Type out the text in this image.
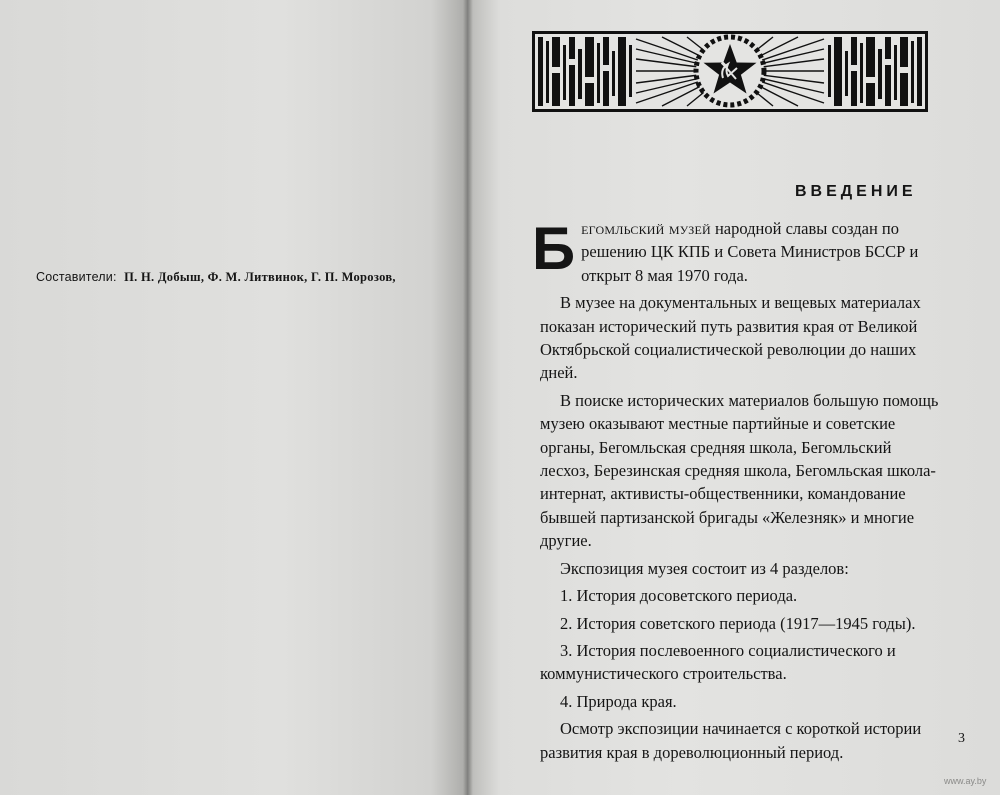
Составители: П. Н. Добыш, Ф. М. Литвинок, Г. П. Морозов,
ВВЕДЕНИЕ

Бегомльский музей народной славы создан по решению ЦК КПБ и Совета Министров БССР и открыт 8 мая 1970 года.

В музее на документальных и вещевых материалах показан исторический путь развития края от Великой Октябрьской социалистической революции до наших дней.

В поиске исторических материалов большую помощь музею оказывают местные партийные и советские органы, Бегомльская средняя школа, Бегомльский лесхоз, Березинская средняя школа, Бегомльская школа-интернат, активисты-общественники, командование бывшей партизанской бригады «Железняк» и многие другие.

Экспозиция музея состоит из 4 разделов:

1. История досоветского периода.

2. История советского периода (1917—1945 годы).

3. История послевоенного социалистического и коммунистического строительства.

4. Природа края.

Осмотр экспозиции начинается с короткой истории развития края в дореволюционный период.

3
www.ay.by
